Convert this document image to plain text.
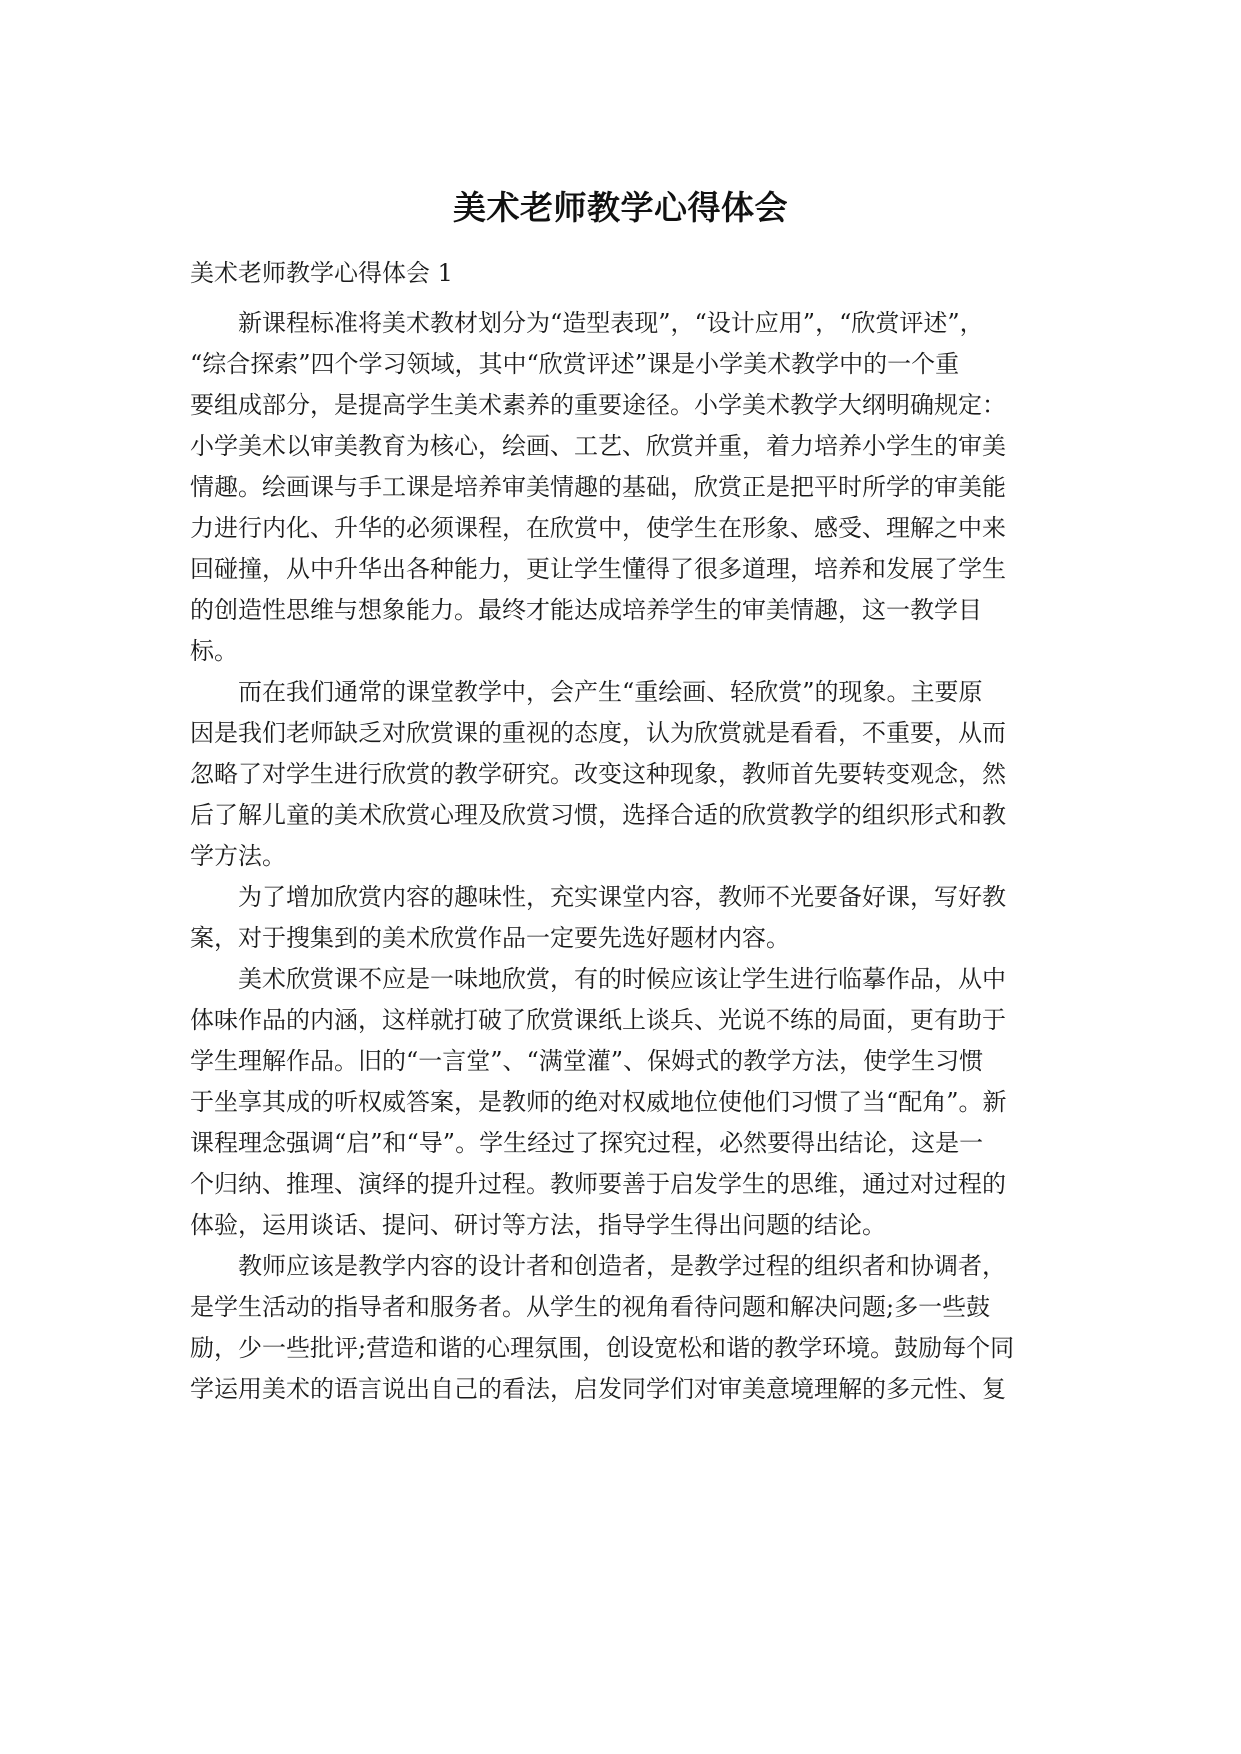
美术老师教学心得体会
美术老师教学心得体会 1

　　新课程标准将美术教材划分为“造型表现”，“设计应用”，“欣赏评述”，
“综合探索”四个学习领域，其中“欣赏评述”课是小学美术教学中的一个重
要组成部分，是提高学生美术素养的重要途径。小学美术教学大纲明确规定：
小学美术以审美教育为核心，绘画、工艺、欣赏并重，着力培养小学生的审美
情趣。绘画课与手工课是培养审美情趣的基础，欣赏正是把平时所学的审美能
力进行内化、升华的必须课程，在欣赏中，使学生在形象、感受、理解之中来
回碰撞，从中升华出各种能力，更让学生懂得了很多道理，培养和发展了学生
的创造性思维与想象能力。最终才能达成培养学生的审美情趣，这一教学目
标。

　　而在我们通常的课堂教学中，会产生“重绘画、轻欣赏”的现象。主要原
因是我们老师缺乏对欣赏课的重视的态度，认为欣赏就是看看，不重要，从而
忽略了对学生进行欣赏的教学研究。改变这种现象，教师首先要转变观念，然
后了解儿童的美术欣赏心理及欣赏习惯，选择合适的欣赏教学的组织形式和教
学方法。

　　为了增加欣赏内容的趣味性，充实课堂内容，教师不光要备好课，写好教
案，对于搜集到的美术欣赏作品一定要先选好题材内容。

　　美术欣赏课不应是一味地欣赏，有的时候应该让学生进行临摹作品，从中
体味作品的内涵，这样就打破了欣赏课纸上谈兵、光说不练的局面，更有助于
学生理解作品。旧的“一言堂”、“满堂灌”、保姆式的教学方法，使学生习惯
于坐享其成的听权威答案，是教师的绝对权威地位使他们习惯了当“配角”。新
课程理念强调“启”和“导”。学生经过了探究过程，必然要得出结论，这是一
个归纳、推理、演绎的提升过程。教师要善于启发学生的思维，通过对过程的
体验，运用谈话、提问、研讨等方法，指导学生得出问题的结论。

　　教师应该是教学内容的设计者和创造者，是教学过程的组织者和协调者，
是学生活动的指导者和服务者。从学生的视角看待问题和解决问题;多一些鼓
励，少一些批评;营造和谐的心理氛围，创设宽松和谐的教学环境。鼓励每个同
学运用美术的语言说出自己的看法，启发同学们对审美意境理解的多元性、复
